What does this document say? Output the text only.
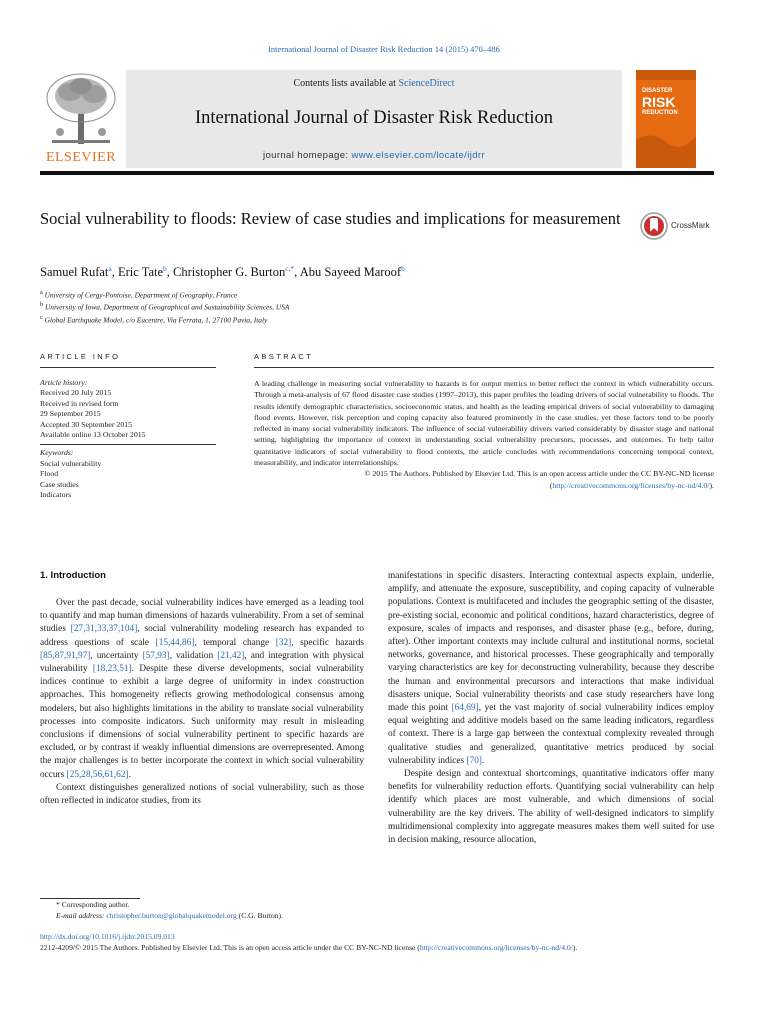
International Journal of Disaster Risk Reduction 14 (2015) 470–486
ELSEVIER
Contents lists available at ScienceDirect
International Journal of Disaster Risk Reduction
journal homepage: www.elsevier.com/locate/ijdrr
DISASTER
RISK
REDUCTION
Social vulnerability to floods: Review of case studies and implications for measurement	CrossMark
Samuel Rufat$^a$, Eric Tate$^b$, Christopher G. Burton$^{c,*}$, Abu Sayeed Maroof$^b$
$^a$ University of Cergy-Pontoise, Department of Geography, France
$^b$ University of Iowa, Department of Geographical and Sustainability Sciences, USA
$^c$ Global Earthquake Model, c/o Eucentre, Via Ferrata, 1, 27100 Pavia, Italy
ARTICLE INFO	ABSTRACT
Article history:
Received 20 July 2015
Received in revised form
29 September 2015
Accepted 30 September 2015
Available online 13 October 2015
Keywords:
Social vulnerability
Flood
Case studies
Indicators
A leading challenge in measuring social vulnerability to hazards is for output metrics to better reflect the context in which vulnerability occurs. Through a meta-analysis of 67 flood disaster case studies (1997–2013), this paper profiles the leading drivers of social vulnerability to floods. The results identify demographic characteristics, socioeconomic status, and health as the leading empirical drivers of social vulnerability to damaging flood events. However, risk perception and coping capacity also featured prominently in the case studies, yet these factors tend to be poorly reflected in many social vulnerability indicators. The influence of social vulnerability drivers varied considerably by disaster stage and national setting, highlighting the importance of context in understanding social vulnerability precursors, processes, and outcomes. To help tailor quantitative indicators of social vulnerability to flood contexts, the article concludes with recommendations concerning temporal context, measurability, and indicator interrelationships.
© 2015 The Authors. Published by Elsevier Ltd. This is an open access article under the CC BY-NC-ND license (http://creativecommons.org/licenses/by-nc-nd/4.0/).
1. Introduction

Over the past decade, social vulnerability indices have emerged as a leading tool to quantify and map human dimensions of hazards vulnerability. From a set of seminal studies [27,31,33,37,104], social vulnerability modeling research has expanded to address questions of scale [15,44,86], temporal change [32], specific hazards [85,87,91,97], uncertainty [57,93], validation [21,42], and integration with physical vulnerability [18,23,51]. Despite these diverse developments, social vulnerability indices continue to exhibit a large degree of uniformity in index construction approaches. This homogeneity reflects growing methodological consensus among modelers, but also highlights limitations in the ability to translate social vulnerability processes into composite indicators. Such uniformity may result in misleading conclusions if dimensions of social vulnerability pertinent to specific hazards are excluded, or by contrast if weakly influential dimensions are overrepresented. Among the major challenges is to better incorporate the context in which social vulnerability occurs [25,28,56,61,62].

Context distinguishes generalized notions of social vulnerability, such as those often reflected in indicator studies, from its

manifestations in specific disasters. Interacting contextual aspects explain, underlie, amplify, and attenuate the exposure, susceptibility, and coping capacity of vulnerable populations. Context is multifaceted and includes the geographic setting of the disaster, pre-existing social, economic and political conditions, hazard characteristics, degree of exposure, scales of impacts and responses, and disaster phase (e.g., before, during, after). Other important contexts may include cultural and institutional norms, societal networks, governance, and historical processes. These geographically and temporally varying characteristics are key for deconstructing vulnerability, because they describe the human and environmental precursors and interactions that make individual disasters unique. Social vulnerability theorists and case study researchers have long made this point [64,69], yet the vast majority of social vulnerability indices employ equal weighting and additive models based on the same leading indicators, regardless of context. There is a large gap between the contextual complexity revealed through qualitative studies and generalized, quantitative metrics produced by social vulnerability indices [70].

Despite design and contextual shortcomings, quantitative indicators offer many benefits for vulnerability reduction efforts. Quantifying social vulnerability can help identify which places are most vulnerable, and which dimensions of social vulnerability are the key drivers. The ability of well-designed indicators to simplify multidimensional complexity into aggregate measures makes them well suited for use in decision making, resource allocation,

* Corresponding author.
E-mail address: christopher.burton@globalquakemodel.org (C.G. Burton).
http://dx.doi.org/10.1016/j.ijdrr.2015.09.013
2212-4209/© 2015 The Authors. Published by Elsevier Ltd. This is an open access article under the CC BY-NC-ND license (http://creativecommons.org/licenses/by-nc-nd/4.0/).
